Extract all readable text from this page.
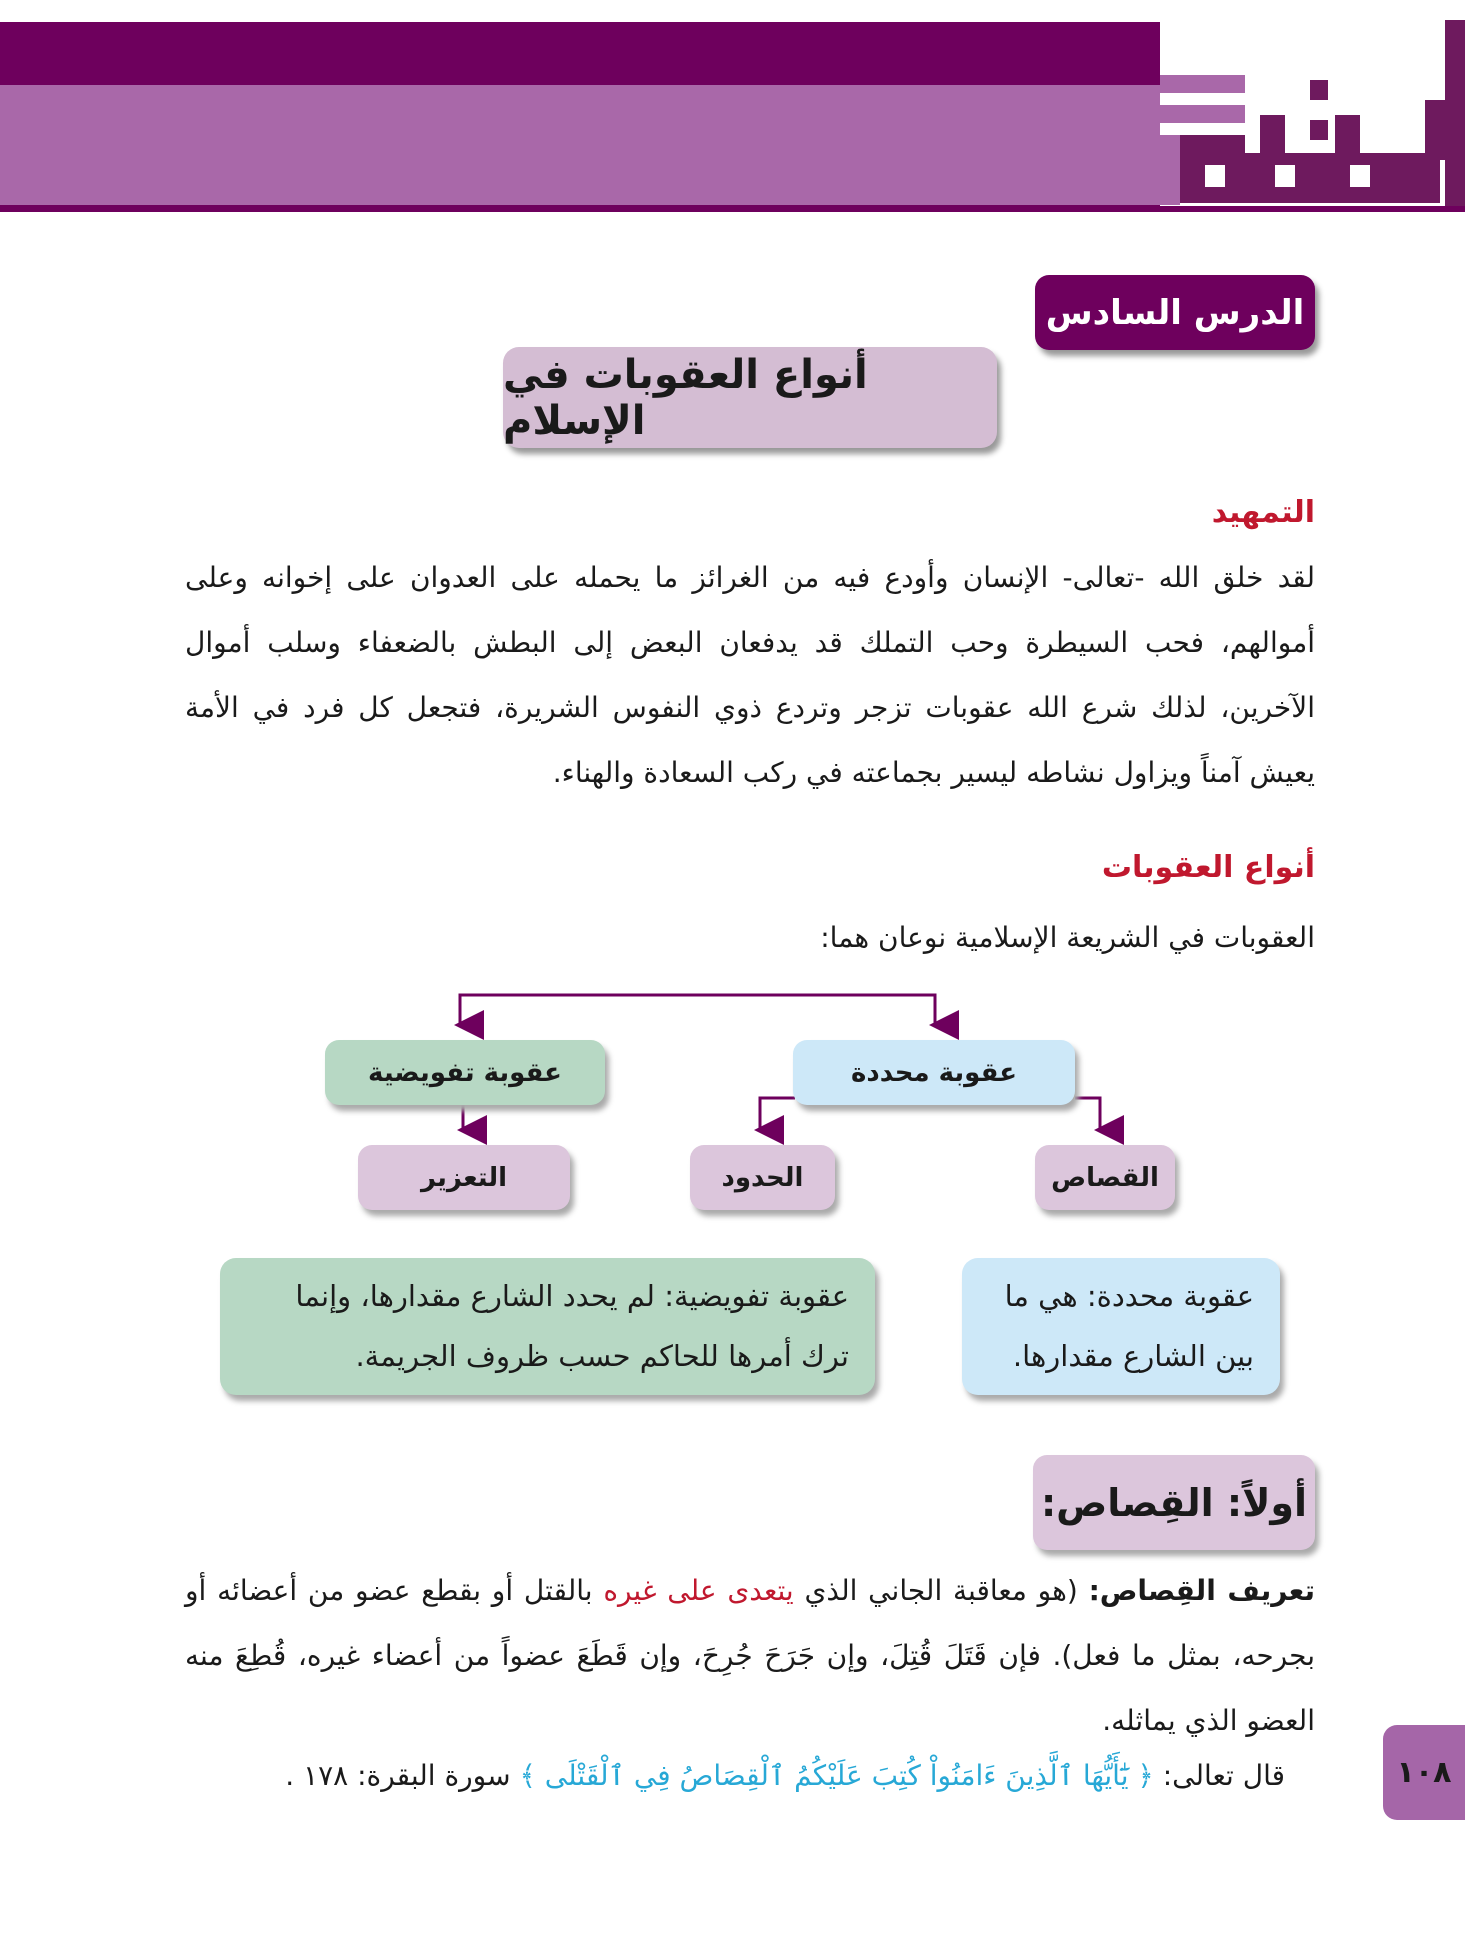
الدرس السادس
أنواع العقوبات في الإسلام
التمهيد

لقد خلق الله -تعالى- الإنسان وأودع فيه من الغرائز ما يحمله على العدوان على إخوانه وعلى أموالهم، فحب السيطرة وحب التملك قد يدفعان البعض إلى البطش بالضعفاء وسلب أموال الآخرين، لذلك شرع الله عقوبات تزجر وتردع ذوي النفوس الشريرة، فتجعل كل فرد في الأمة يعيش آمناً ويزاول نشاطه ليسير بجماعته في ركب السعادة والهناء.

أنواع العقوبات
العقوبات في الشريعة الإسلامية نوعان هما:
عقوبة محددة
عقوبة تفويضية
القصاص
الحدود
التعزير
عقوبة محددة: هي ما بين الشارع مقدارها.
عقوبة تفويضية: لم يحدد الشارع مقدارها، وإنما ترك أمرها للحاكم حسب ظروف الجريمة.
أولاً: القِصاص:

تعريف القِصاص: (هو معاقبة الجاني الذي يتعدى على غيره بالقتل أو بقطع عضو من أعضائه أو بجرحه، بمثل ما فعل). فإن قَتَلَ قُتِلَ، وإن جَرَحَ جُرِحَ، وإن قَطَعَ عضواً من أعضاء غيره، قُطِعَ منه العضو الذي يماثله.

قال تعالى: ﴿ يَٰٓأَيُّهَا ٱلَّذِينَ ءَامَنُواْ كُتِبَ عَلَيْكُمُ ٱلْقِصَاصُ فِي ٱلْقَتْلَى ﴾ سورة البقرة: ١٧٨ .	١٠٨
